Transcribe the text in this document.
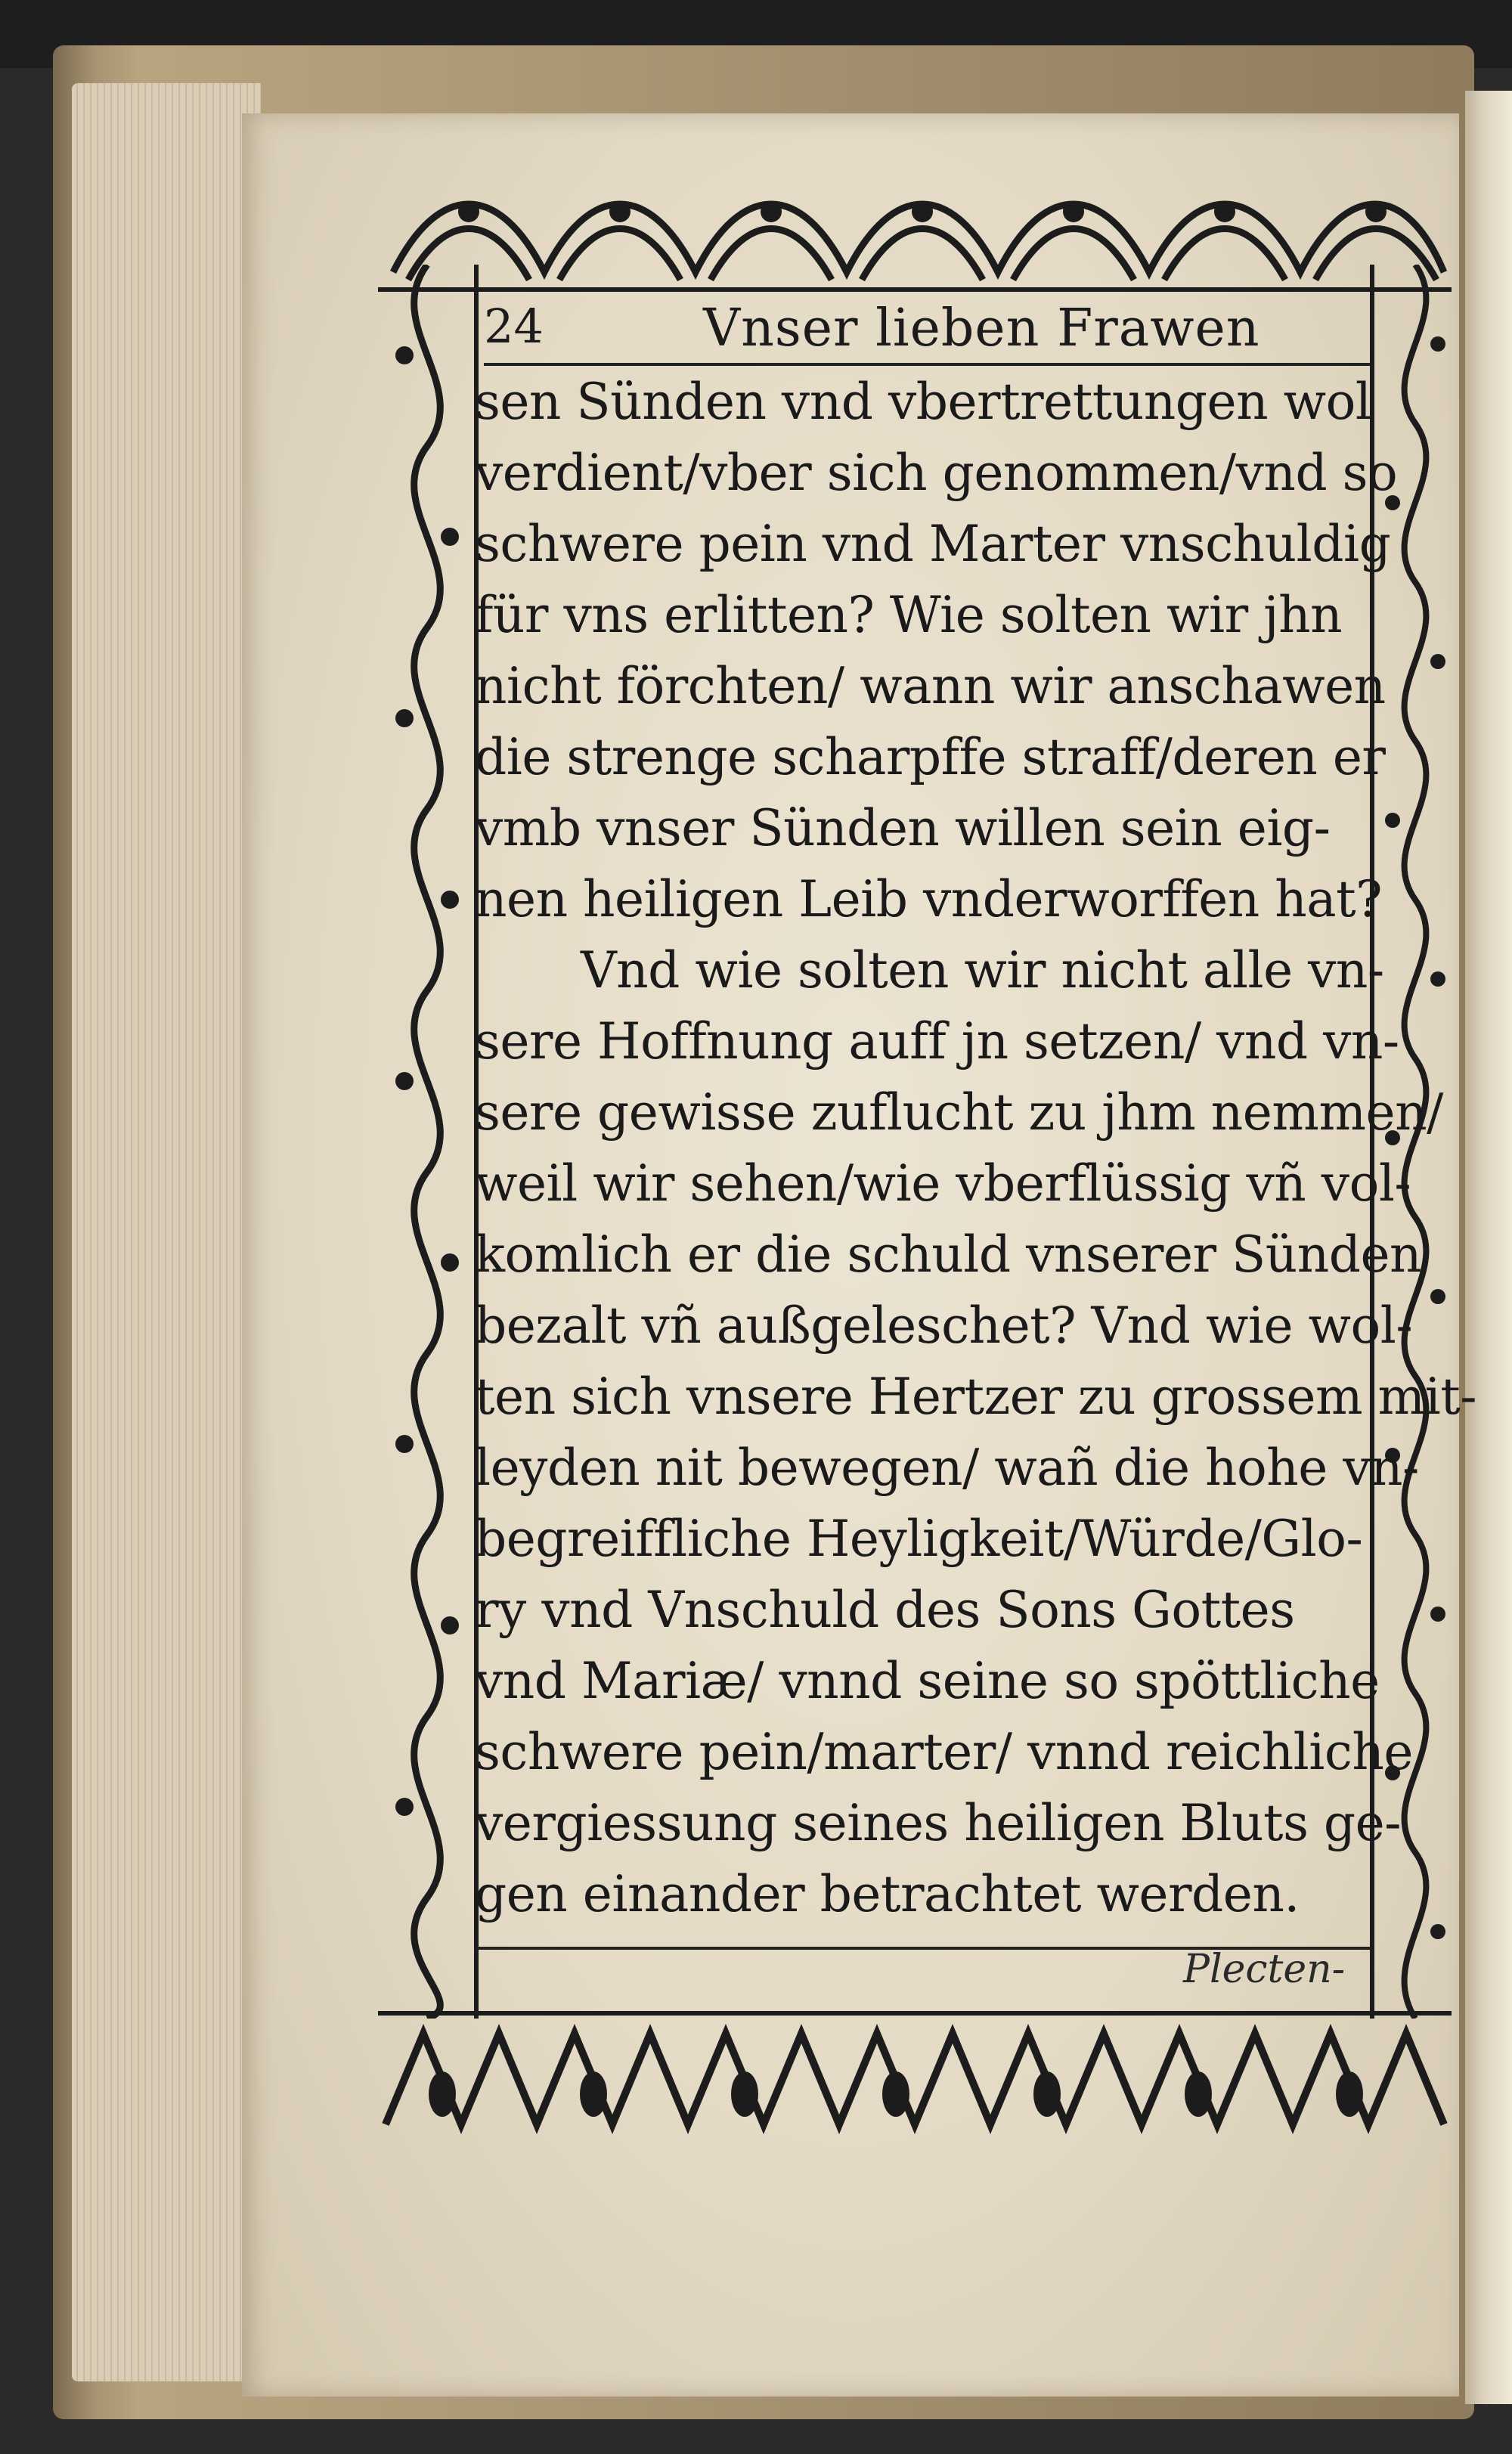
24	Vnser lieben Frawen
sen Sünden vnd vbertrettungen wol
verdient/vber sich genommen/vnd so
schwere pein vnd Marter vnschuldig
für vns erlitten? Wie solten wir jhn
nicht förchten/ wann wir anschawen
die strenge scharpffe straff/deren er
vmb vnser Sünden willen sein eig-
nen heiligen Leib vnderworffen hat?
Vnd wie solten wir nicht alle vn-
sere Hoffnung auff jn setzen/ vnd vn-
sere gewisse zuflucht zu jhm nemmen/
weil wir sehen/wie vberflüssig vñ vol-
komlich er die schuld vnserer Sünden
bezalt vñ außgeleschet? Vnd wie wol-
ten sich vnsere Hertzer zu grossem mit-
leyden nit bewegen/ wañ die hohe vn-
begreiffliche Heyligkeit/Würde/Glo-
ry vnd Vnschuld des Sons Gottes
vnd Mariæ/ vnnd seine so spöttliche
schwere pein/marter/ vnnd reichliche
vergiessung seines heiligen Bluts ge-
gen einander betrachtet werden.
Plecten-
